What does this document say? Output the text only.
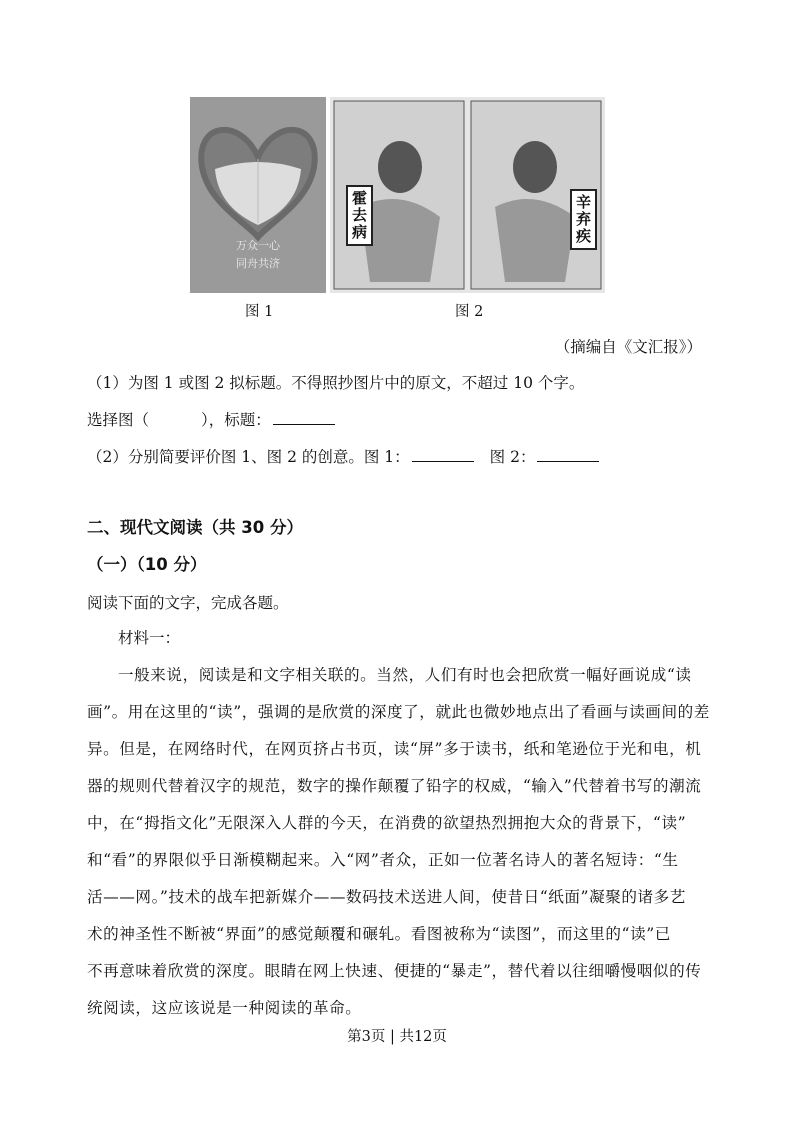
万众一心
同舟共济
霍去病	辛弃疾
图 1	图 2
（摘编自《文汇报》）
（1）为图 1 或图 2 拟标题。不得照抄图片中的原文，不超过 10 个字。
选择图（	），标题：
（2）分别简要评价图 1、图 2 的创意。图 1：	图 2：
二、现代文阅读（共 30 分）
（一）（10 分）
阅读下面的文字，完成各题。
材料一：
一般来说，阅读是和文字相关联的。当然，人们有时也会把欣赏一幅好画说成“读
画”。用在这里的“读”，强调的是欣赏的深度了，就此也微妙地点出了看画与读画间的差
异。但是，在网络时代，在网页挤占书页，读“屏”多于读书，纸和笔逊位于光和电，机
器的规则代替着汉字的规范，数字的操作颠覆了铅字的权威，“输入”代替着书写的潮流
中，在“拇指文化”无限深入人群的今天，在消费的欲望热烈拥抱大众的背景下，“读”
和“看”的界限似乎日渐模糊起来。入“网”者众，正如一位著名诗人的著名短诗：“生
活——网。”技术的战车把新媒介——数码技术送进人间，使昔日“纸面”凝聚的诸多艺
术的神圣性不断被“界面”的感觉颠覆和碾轧。看图被称为“读图”，而这里的“读”已
不再意味着欣赏的深度。眼睛在网上快速、便捷的“暴走”，替代着以往细嚼慢咽似的传
统阅读，这应该说是一种阅读的革命。
第3页 | 共12页
